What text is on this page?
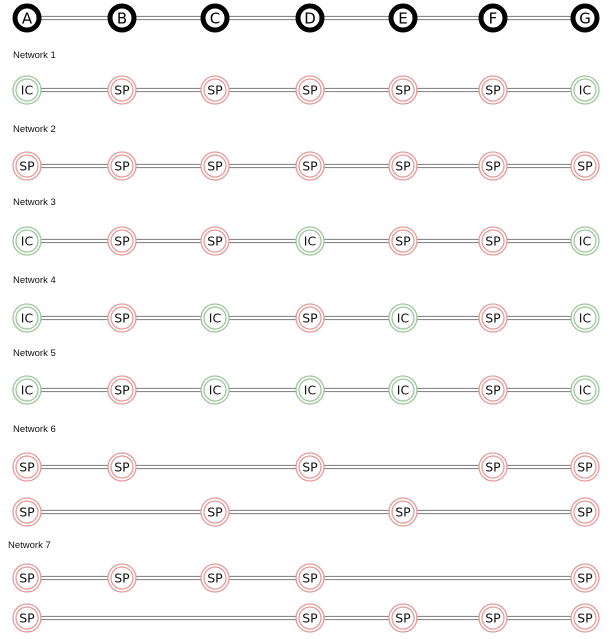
A	B	C	D	E	F	G
Network 1
IC	SP	SP	SP	SP	SP	IC
Network 2
SP	SP	SP	SP	SP	SP	SP
Network 3
IC	SP	SP	IC	SP	SP	IC
Network 4
IC	SP	IC	SP	IC	SP	IC
Network 5
IC	SP	IC	IC	IC	SP	IC
Network 6
SP	SP	SP	SP	SP
SP	SP	SP	SP
Network 7
SP	SP	SP	SP	SP
SP	SP	SP	SP	SP
